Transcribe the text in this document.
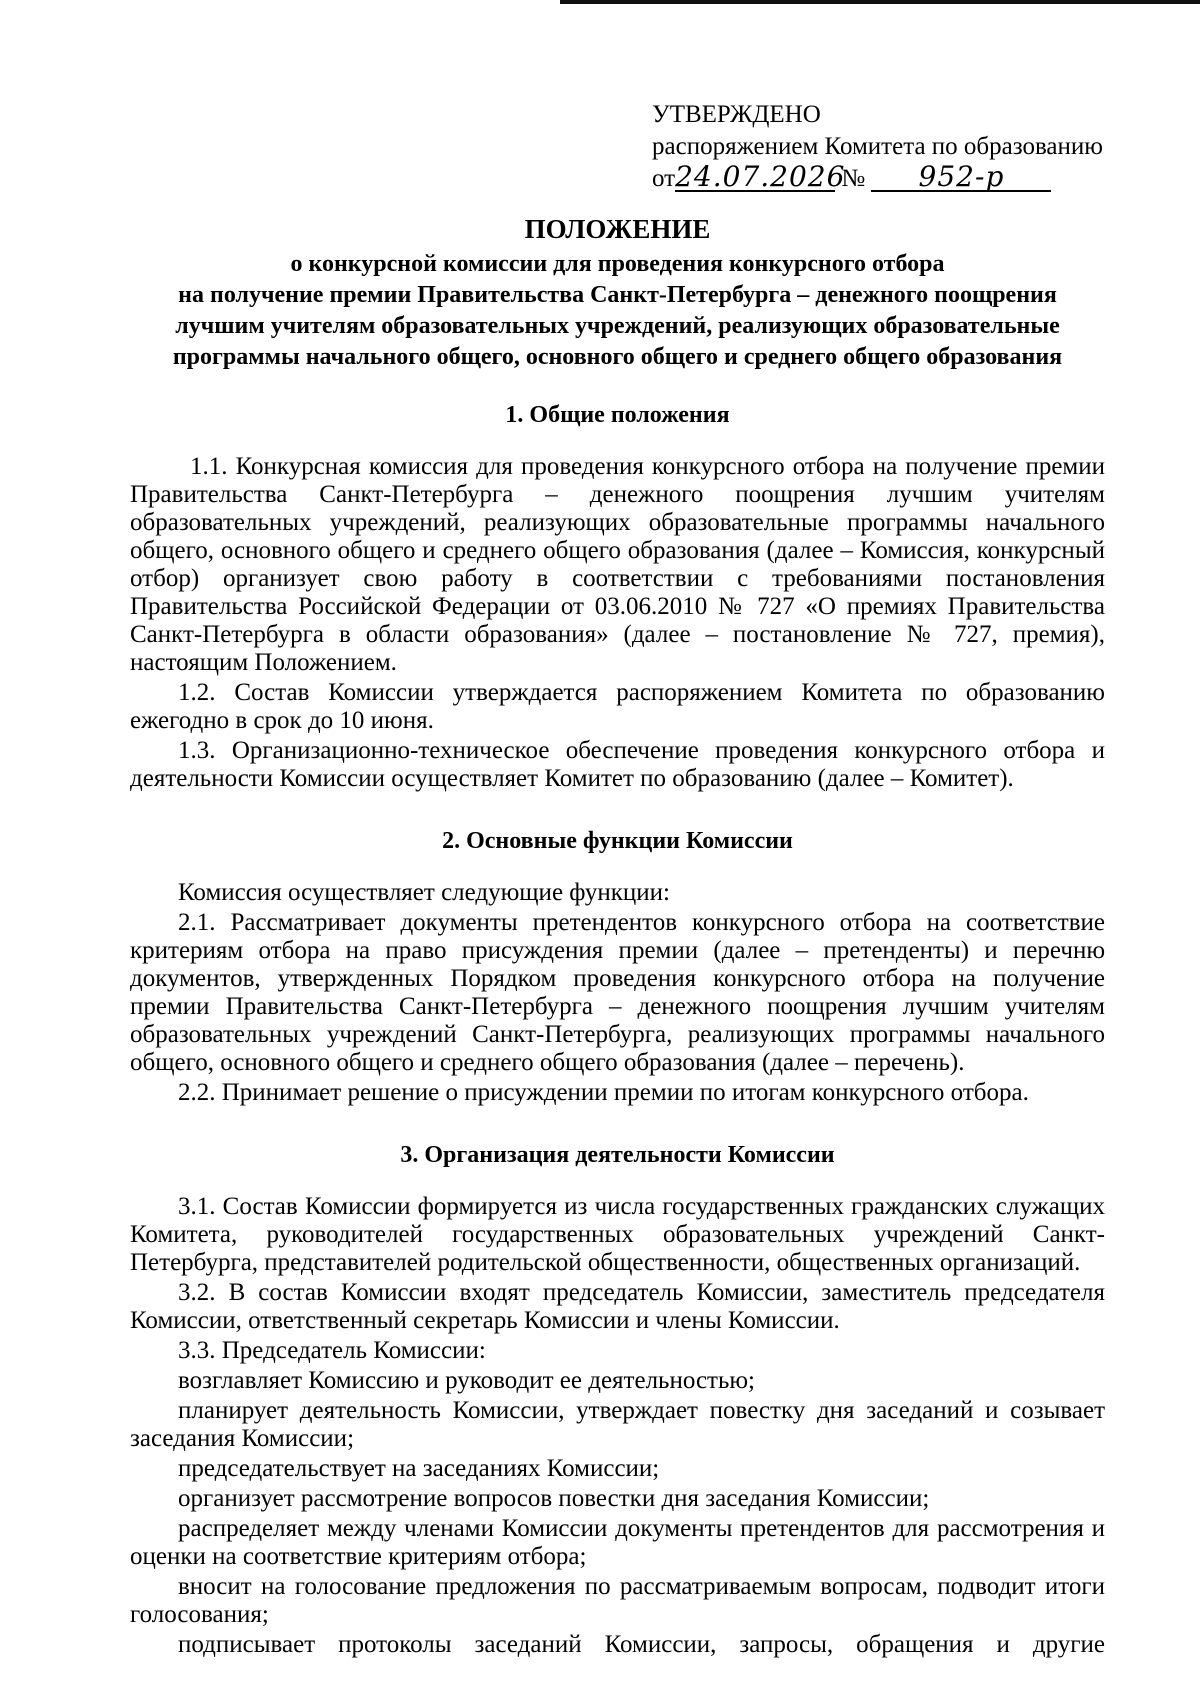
УТВЕРЖДЕНО
распоряжением Комитета по образованию
от24.07.2026 № 952-р
ПОЛОЖЕНИЕ
о конкурсной комиссии для проведения конкурсного отбора
на получение премии Правительства Санкт-Петербурга – денежного поощрения
лучшим учителям образовательных учреждений, реализующих образовательные
программы начального общего, основного общего и среднего общего образования
1. Общие положения

1.1. Конкурсная комиссия для проведения конкурсного отбора на получение премии Правительства Санкт-Петербурга – денежного поощрения лучшим учителям образовательных учреждений, реализующих образовательные программы начального общего, основного общего и среднего общего образования (далее – Комиссия, конкурсный отбор) организует свою работу в соответствии с требованиями постановления Правительства Российской Федерации от 03.06.2010 № 727 «О премиях Правительства Санкт-Петербурга в области образования» (далее – постановление № 727, премия), настоящим Положением.

1.2. Состав Комиссии утверждается распоряжением Комитета по образованию ежегодно в срок до 10 июня.

1.3. Организационно-техническое обеспечение проведения конкурсного отбора и деятельности Комиссии осуществляет Комитет по образованию (далее – Комитет).

2. Основные функции Комиссии

Комиссия осуществляет следующие функции:

2.1. Рассматривает документы претендентов конкурсного отбора на соответствие критериям отбора на право присуждения премии (далее – претенденты) и перечню документов, утвержденных Порядком проведения конкурсного отбора на получение премии Правительства Санкт-Петербурга – денежного поощрения лучшим учителям образовательных учреждений Санкт-Петербурга, реализующих программы начального общего, основного общего и среднего общего образования (далее – перечень).

2.2. Принимает решение о присуждении премии по итогам конкурсного отбора.

3. Организация деятельности Комиссии

3.1. Состав Комиссии формируется из числа государственных гражданских служащих Комитета, руководителей государственных образовательных учреждений Санкт-Петербурга, представителей родительской общественности, общественных организаций.

3.2. В состав Комиссии входят председатель Комиссии, заместитель председателя Комиссии, ответственный секретарь Комиссии и члены Комиссии.

3.3. Председатель Комиссии:

возглавляет Комиссию и руководит ее деятельностью;

планирует деятельность Комиссии, утверждает повестку дня заседаний и созывает заседания Комиссии;

председательствует на заседаниях Комиссии;

организует рассмотрение вопросов повестки дня заседания Комиссии;

распределяет между членами Комиссии документы претендентов для рассмотрения и оценки на соответствие критериям отбора;

вносит на голосование предложения по рассматриваемым вопросам, подводит итоги голосования;

подписывает протоколы заседаний Комиссии, запросы, обращения и другие
